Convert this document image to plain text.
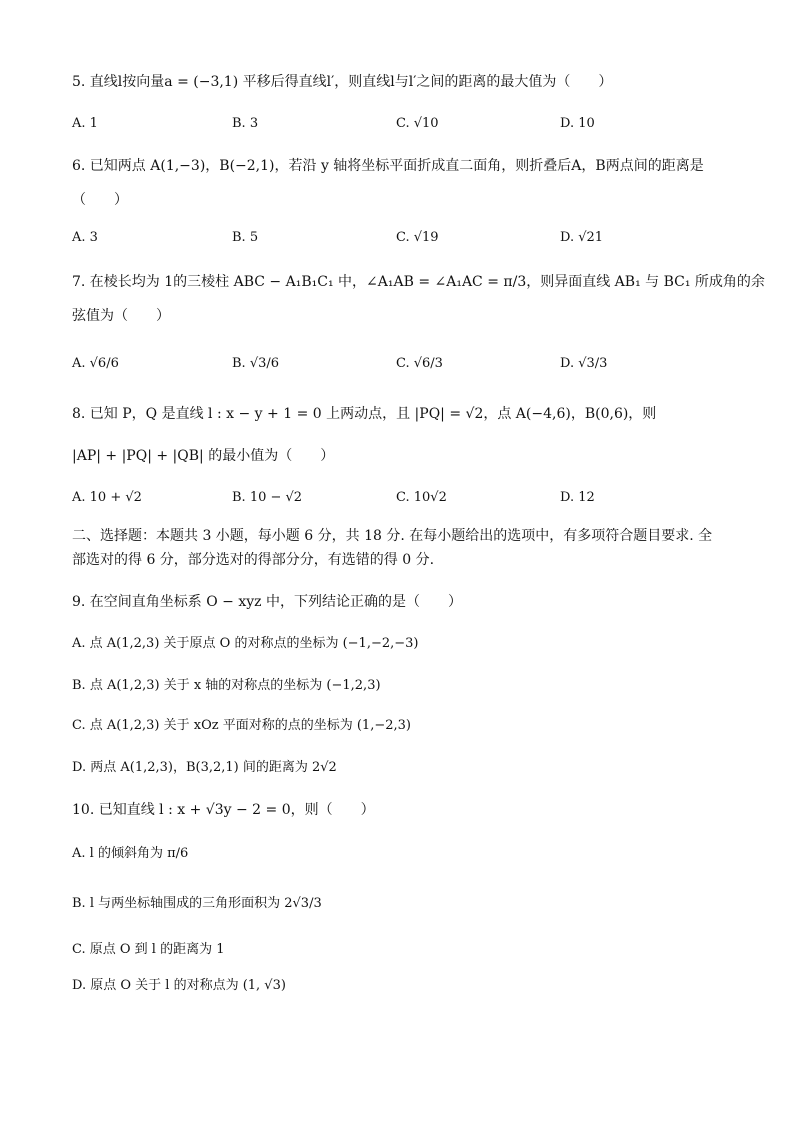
5. 直线l按向量a = (−3,1) 平移后得直线l′，则直线l与l′之间的距离的最大值为（　　）
A. 1	B. 3	C. √10	D. 10
6. 已知两点 A(1,−3)，B(−2,1)，若沿 y 轴将坐标平面折成直二面角，则折叠后A，B两点间的距离是
（　　）
A. 3	B. 5	C. √19	D. √21
7. 在棱长均为 1的三棱柱 ABC − A₁B₁C₁ 中，∠A₁AB = ∠A₁AC = π/3，则异面直线 AB₁ 与 BC₁ 所成角的余
弦值为（　　）
A. √6/6	B. √3/6	C. √6/3	D. √3/3
8. 已知 P，Q 是直线 l : x − y + 1 = 0 上两动点，且 |PQ| = √2，点 A(−4,6)，B(0,6)，则
|AP| + |PQ| + |QB| 的最小值为（　　）
A. 10 + √2	B. 10 − √2	C. 10√2	D. 12
二、选择题：本题共 3 小题，每小题 6 分，共 18 分. 在每小题给出的选项中，有多项符合题目要求. 全部选对的得 6 分，部分选对的得部分分，有选错的得 0 分.
9. 在空间直角坐标系 O − xyz 中，下列结论正确的是（　　）
A. 点 A(1,2,3) 关于原点 O 的对称点的坐标为 (−1,−2,−3)
B. 点 A(1,2,3) 关于 x 轴的对称点的坐标为 (−1,2,3)
C. 点 A(1,2,3) 关于 xOz 平面对称的点的坐标为 (1,−2,3)
D. 两点 A(1,2,3)，B(3,2,1) 间的距离为 2√2
10. 已知直线 l : x + √3y − 2 = 0，则（　　）
A. l 的倾斜角为 π/6
B. l 与两坐标轴围成的三角形面积为 2√3/3
C. 原点 O 到 l 的距离为 1
D. 原点 O 关于 l 的对称点为 (1, √3)
